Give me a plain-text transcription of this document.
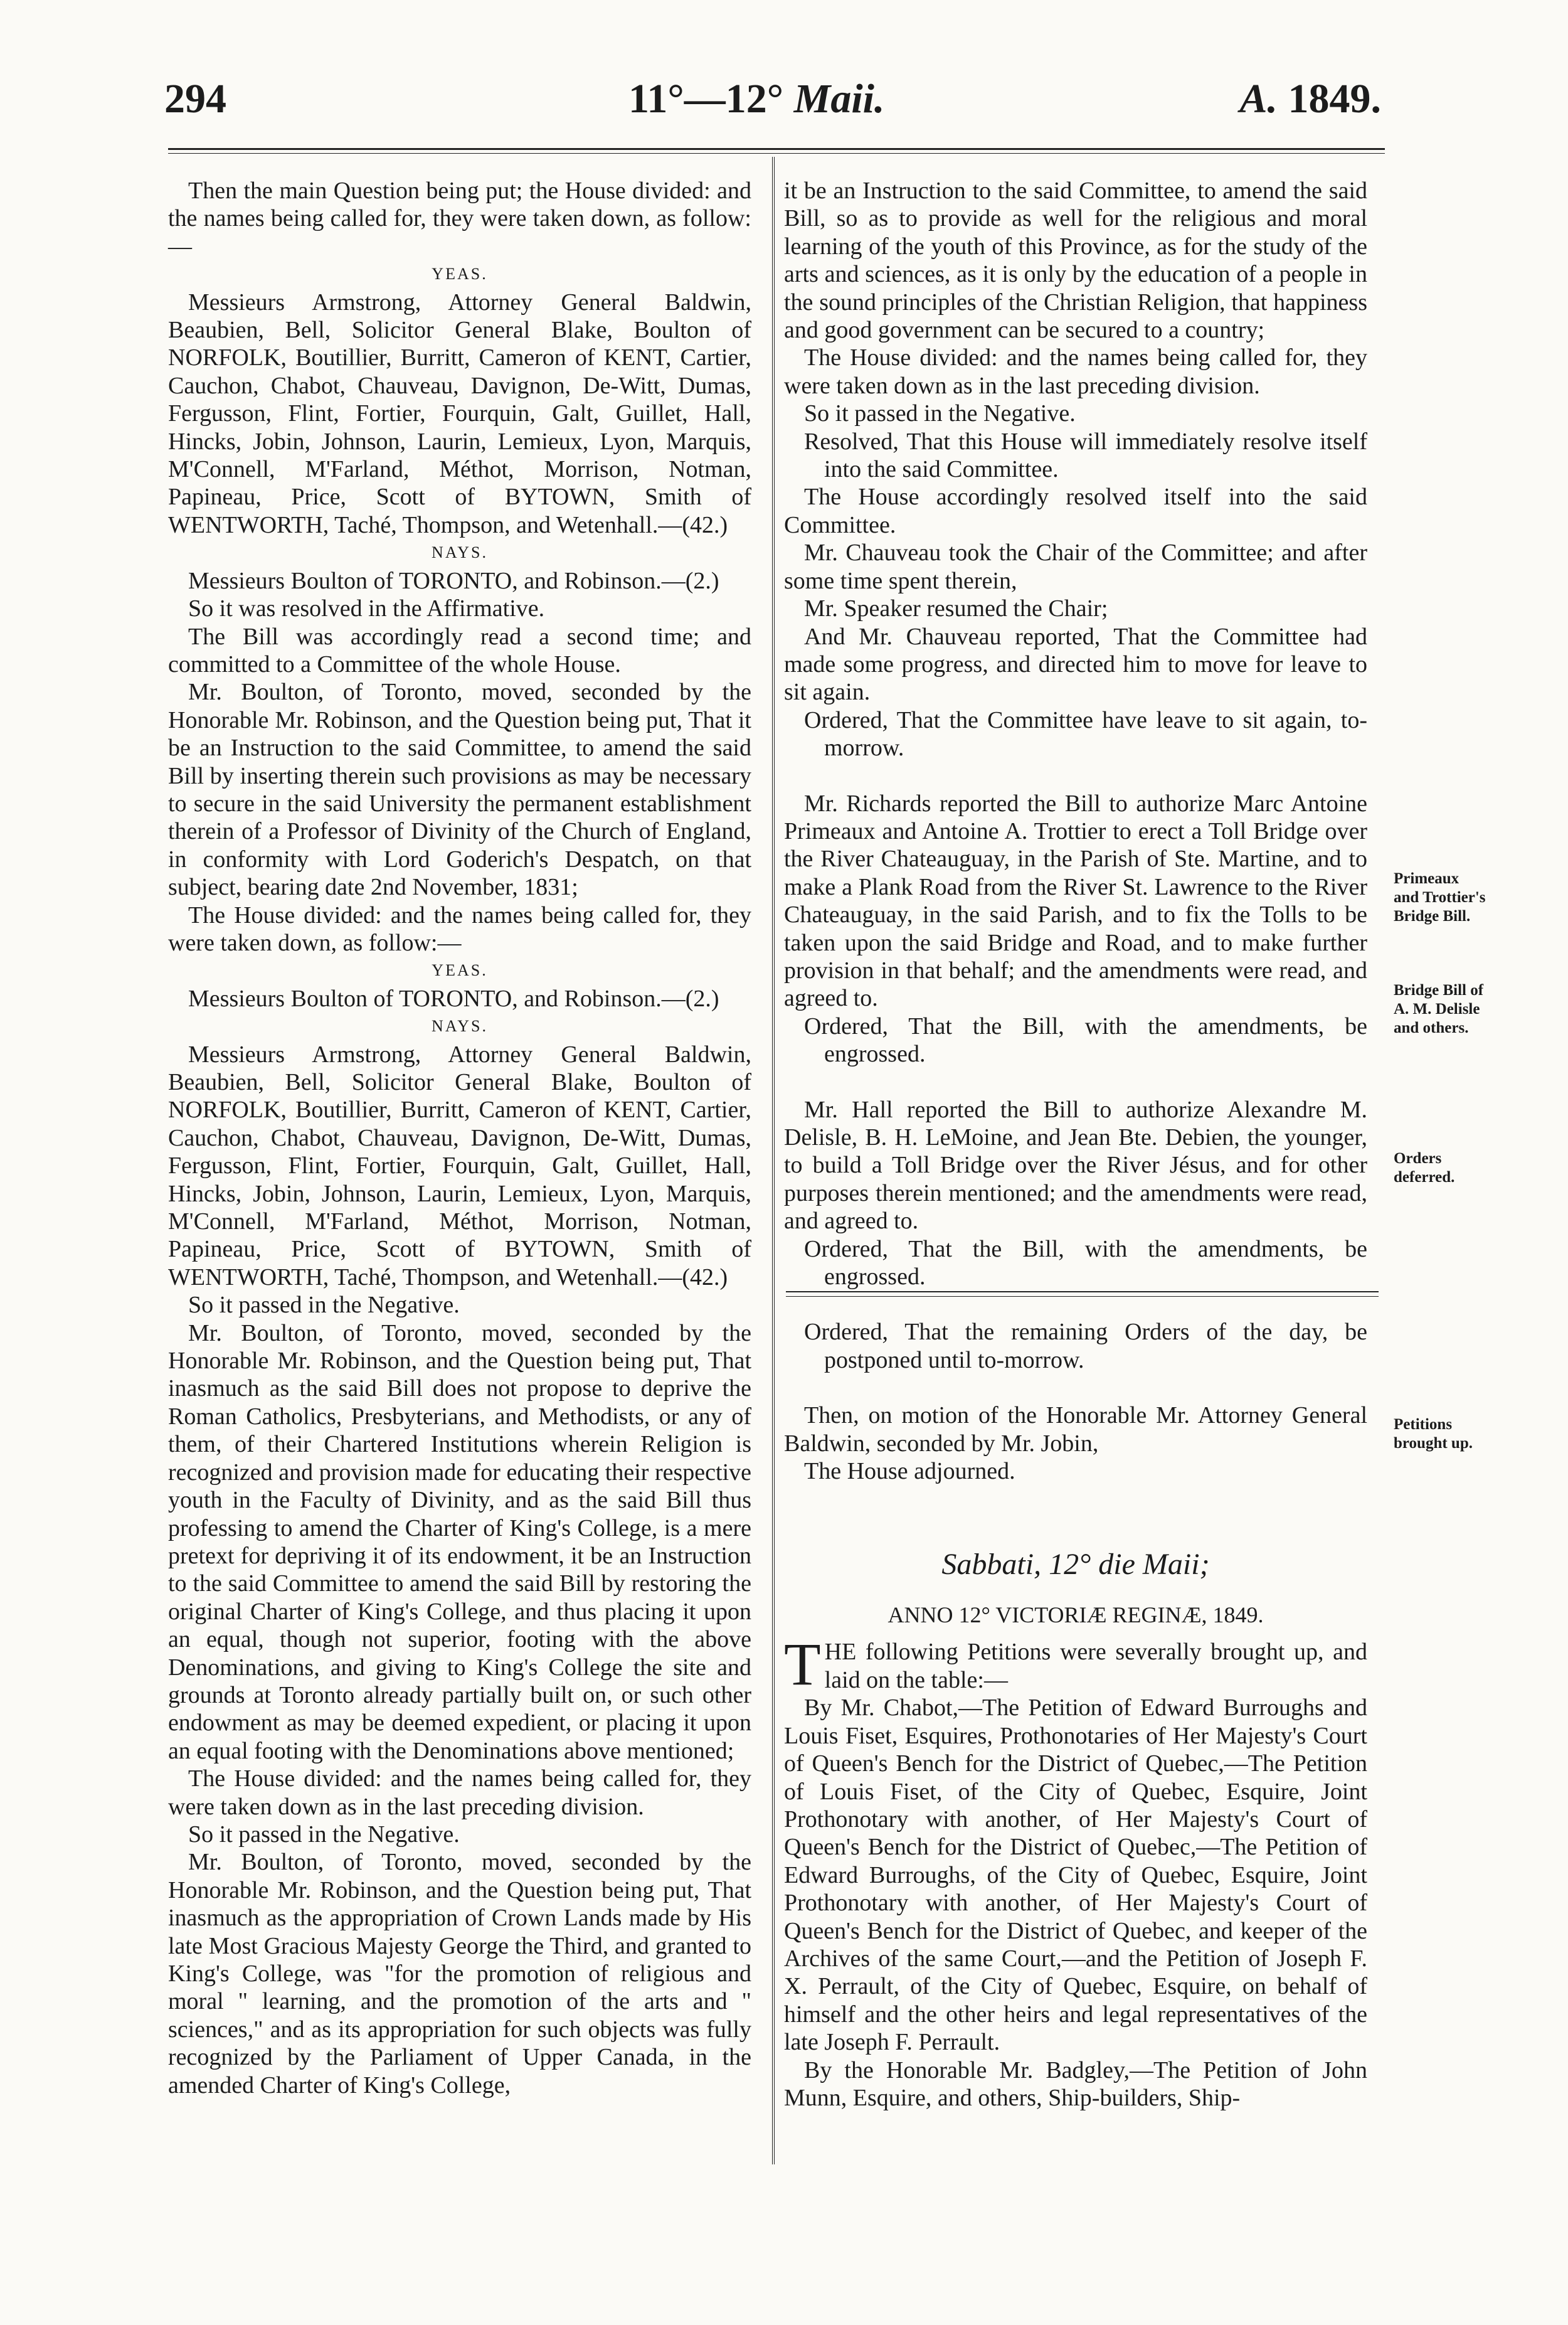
294	11°—12° Maii.	A. 1849.

Then the main Question being put; the House divided: and the names being called for, they were taken down, as follow:—

YEAS.

Messieurs Armstrong, Attorney General Baldwin, Beaubien, Bell, Solicitor General Blake, Boulton of NORFOLK, Boutillier, Burritt, Cameron of KENT, Cartier, Cauchon, Chabot, Chauveau, Davignon, De-Witt, Dumas, Fergusson, Flint, Fortier, Fourquin, Galt, Guillet, Hall, Hincks, Jobin, Johnson, Laurin, Lemieux, Lyon, Marquis, M'Connell, M'Farland, Méthot, Morrison, Notman, Papineau, Price, Scott of BYTOWN, Smith of WENTWORTH, Taché, Thompson, and Wetenhall.—(42.)

NAYS.

Messieurs Boulton of TORONTO, and Robinson.—(2.)

So it was resolved in the Affirmative.

The Bill was accordingly read a second time; and committed to a Committee of the whole House.

Mr. Boulton, of Toronto, moved, seconded by the Honorable Mr. Robinson, and the Question being put, That it be an Instruction to the said Committee, to amend the said Bill by inserting therein such provisions as may be necessary to secure in the said University the permanent establishment therein of a Professor of Divinity of the Church of England, in conformity with Lord Goderich's Despatch, on that subject, bearing date 2nd November, 1831;

The House divided: and the names being called for, they were taken down, as follow:—

YEAS.

Messieurs Boulton of TORONTO, and Robinson.—(2.)

NAYS.

Messieurs Armstrong, Attorney General Baldwin, Beaubien, Bell, Solicitor General Blake, Boulton of NORFOLK, Boutillier, Burritt, Cameron of KENT, Cartier, Cauchon, Chabot, Chauveau, Davignon, De-Witt, Dumas, Fergusson, Flint, Fortier, Fourquin, Galt, Guillet, Hall, Hincks, Jobin, Johnson, Laurin, Lemieux, Lyon, Marquis, M'Connell, M'Farland, Méthot, Morrison, Notman, Papineau, Price, Scott of BYTOWN, Smith of WENTWORTH, Taché, Thompson, and Wetenhall.—(42.)

So it passed in the Negative.

Mr. Boulton, of Toronto, moved, seconded by the Honorable Mr. Robinson, and the Question being put, That inasmuch as the said Bill does not propose to deprive the Roman Catholics, Presbyterians, and Methodists, or any of them, of their Chartered Institutions wherein Religion is recognized and provision made for educating their respective youth in the Faculty of Divinity, and as the said Bill thus professing to amend the Charter of King's College, is a mere pretext for depriving it of its endowment, it be an Instruction to the said Committee to amend the said Bill by restoring the original Charter of King's College, and thus placing it upon an equal, though not superior, footing with the above Denominations, and giving to King's College the site and grounds at Toronto already partially built on, or such other endowment as may be deemed expedient, or placing it upon an equal footing with the Denominations above mentioned;

The House divided: and the names being called for, they were taken down as in the last preceding division.

So it passed in the Negative.

Mr. Boulton, of Toronto, moved, seconded by the Honorable Mr. Robinson, and the Question being put, That inasmuch as the appropriation of Crown Lands made by His late Most Gracious Majesty George the Third, and granted to King's College, was "for the promotion of religious and moral " learning, and the promotion of the arts and " sciences," and as its appropriation for such objects was fully recognized by the Parliament of Upper Canada, in the amended Charter of King's College,

it be an Instruction to the said Committee, to amend the said Bill, so as to provide as well for the religious and moral learning of the youth of this Province, as for the study of the arts and sciences, as it is only by the education of a people in the sound principles of the Christian Religion, that happiness and good government can be secured to a country;

The House divided: and the names being called for, they were taken down as in the last preceding division.

So it passed in the Negative.

Resolved, That this House will immediately resolve itself into the said Committee.

The House accordingly resolved itself into the said Committee.

Mr. Chauveau took the Chair of the Committee; and after some time spent therein,

Mr. Speaker resumed the Chair;

And Mr. Chauveau reported, That the Committee had made some progress, and directed him to move for leave to sit again.

Ordered, That the Committee have leave to sit again, to-morrow.

Mr. Richards reported the Bill to authorize Marc Antoine Primeaux and Antoine A. Trottier to erect a Toll Bridge over the River Chateauguay, in the Parish of Ste. Martine, and to make a Plank Road from the River St. Lawrence to the River Chateauguay, in the said Parish, and to fix the Tolls to be taken upon the said Bridge and Road, and to make further provision in that behalf; and the amendments were read, and agreed to.

Ordered, That the Bill, with the amendments, be engrossed.

Mr. Hall reported the Bill to authorize Alexandre M. Delisle, B. H. LeMoine, and Jean Bte. Debien, the younger, to build a Toll Bridge over the River Jésus, and for other purposes therein mentioned; and the amendments were read, and agreed to.

Ordered, That the Bill, with the amendments, be engrossed.

Ordered, That the remaining Orders of the day, be postponed until to-morrow.

Then, on motion of the Honorable Mr. Attorney General Baldwin, seconded by Mr. Jobin,

The House adjourned.

Sabbati, 12° die Maii;

ANNO 12° VICTORIÆ REGINÆ, 1849.

THE following Petitions were severally brought up, and laid on the table:—

By Mr. Chabot,—The Petition of Edward Burroughs and Louis Fiset, Esquires, Prothonotaries of Her Majesty's Court of Queen's Bench for the District of Quebec,—The Petition of Louis Fiset, of the City of Quebec, Esquire, Joint Prothonotary with another, of Her Majesty's Court of Queen's Bench for the District of Quebec,—The Petition of Edward Burroughs, of the City of Quebec, Esquire, Joint Prothonotary with another, of Her Majesty's Court of Queen's Bench for the District of Quebec, and keeper of the Archives of the same Court,—and the Petition of Joseph F. X. Perrault, of the City of Quebec, Esquire, on behalf of himself and the other heirs and legal representatives of the late Joseph F. Perrault.

By the Honorable Mr. Badgley,—The Petition of John Munn, Esquire, and others, Ship-builders, Ship-

Primeaux and Trottier's Bridge Bill.
Bridge Bill of A. M. Delisle and others.
Orders deferred.
Petitions brought up.
